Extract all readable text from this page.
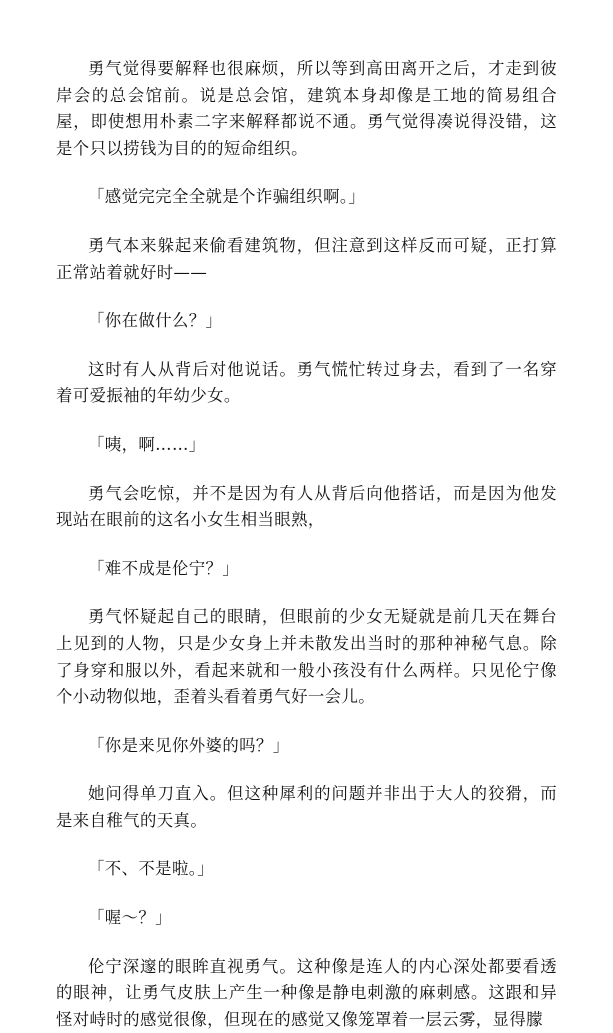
勇气觉得要解释也很麻烦，所以等到高田离开之后，才走到彼岸会的总会馆前。说是总会馆，建筑本身却像是工地的简易组合屋，即使想用朴素二字来解释都说不通。勇气觉得凑说得没错，这是个只以捞钱为目的的短命组织。

「感觉完完全全就是个诈骗组织啊。」

勇气本来躲起来偷看建筑物，但注意到这样反而可疑，正打算正常站着就好时——

「你在做什么？」

这时有人从背后对他说话。勇气慌忙转过身去，看到了一名穿着可爱振袖的年幼少女。

「咦，啊……」

勇气会吃惊，并不是因为有人从背后向他搭话，而是因为他发现站在眼前的这名小女生相当眼熟，

「难不成是伦宁？」

勇气怀疑起自己的眼睛，但眼前的少女无疑就是前几天在舞台上见到的人物，只是少女身上并未散发出当时的那种神秘气息。除了身穿和服以外，看起来就和一般小孩没有什么两样。只见伦宁像个小动物似地，歪着头看着勇气好一会儿。

「你是来见你外婆的吗？」

她问得单刀直入。但这种犀利的问题并非出于大人的狡猾，而是来自稚气的天真。

「不、不是啦。」

「喔～？」

伦宁深邃的眼眸直视勇气。这种像是连人的内心深处都要看透的眼神，让勇气皮肤上产生一种像是静电刺激的麻刺感。这跟和异怪对峙时的感觉很像，但现在的感觉又像笼罩着一层云雾，显得朦
